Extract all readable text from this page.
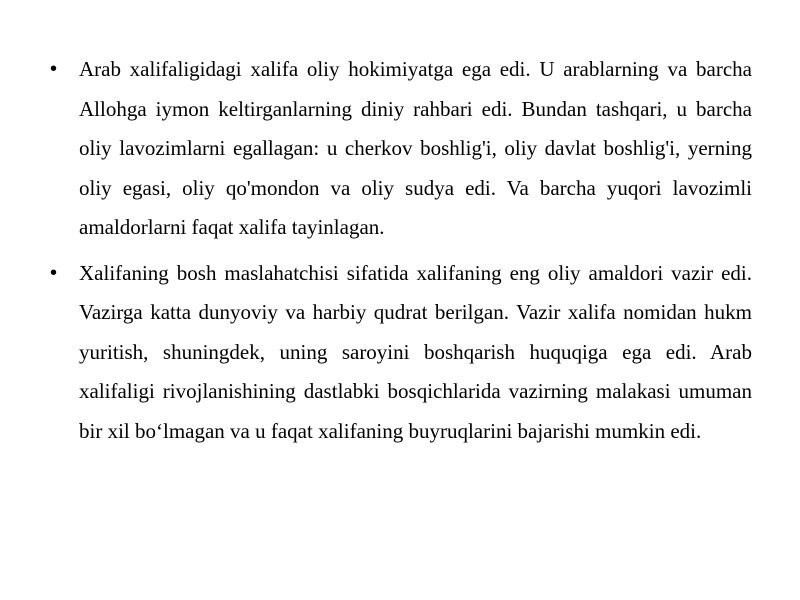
• Arab xalifaligidagi xalifa oliy hokimiyatga ega edi. U arablarning va barcha Allohga iymon keltirganlarning diniy rahbari edi. Bundan tashqari, u barcha oliy lavozimlarni egallagan: u cherkov boshlig'i, oliy davlat boshlig'i, yerning oliy egasi, oliy qo'mondon va oliy sudya edi. Va barcha yuqori lavozimli amaldorlarni faqat xalifa tayinlagan.

• Xalifaning bosh maslahatchisi sifatida xalifaning eng oliy amaldori vazir edi. Vazirga katta dunyoviy va harbiy qudrat berilgan. Vazir xalifa nomidan hukm yuritish, shuningdek, uning saroyini boshqarish huquqiga ega edi. Arab xalifaligi rivojlanishining dastlabki bosqichlarida vazirning malakasi umuman bir xil bo‘lmagan va u faqat xalifaning buyruqlarini bajarishi mumkin edi.
